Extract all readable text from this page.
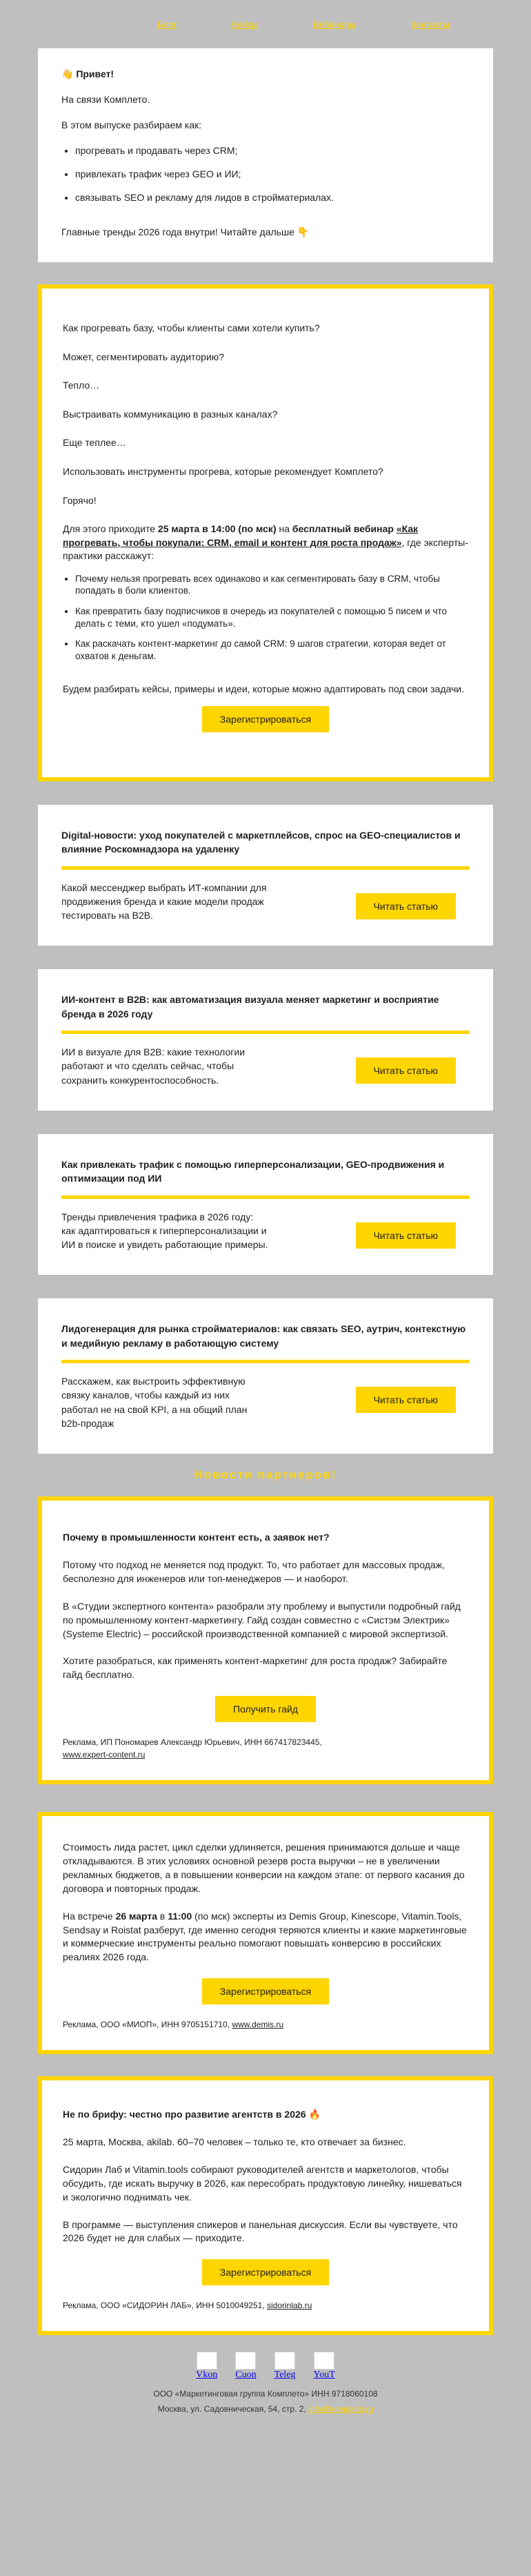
Блог	Кейсы	Вебинары	Контакты

👋 Привет!

На связи Комплето.

В этом выпуске разбираем как:

• прогревать и продавать через CRM;
• привлекать трафик через GEO и ИИ;
• связывать SEO и рекламу для лидов в стройматериалах.

Главные тренды 2026 года внутри! Читайте дальше 👇

Как прогревать базу, чтобы клиенты сами хотели купить?

Может, сегментировать аудиторию?

Тепло…

Выстраивать коммуникацию в разных каналах?

Еще теплее…

Использовать инструменты прогрева, которые рекомендует Комплето?

Горячо!

Для этого приходите 25 марта в 14:00 (по мск) на бесплатный вебинар «Как прогревать, чтобы покупали: CRM, email и контент для роста продаж», где эксперты-практики расскажут:

• Почему нельзя прогревать всех одинаково и как сегментировать базу в CRM, чтобы попадать в боли клиентов.
• Как превратить базу подписчиков в очередь из покупателей с помощью 5 писем и что делать с теми, кто ушел «подумать».
• Как раскачать контент-маркетинг до самой CRM: 9 шагов стратегии, которая ведет от охватов к деньгам.

Будем разбирать кейсы, примеры и идеи, которые можно адаптировать под свои задачи.

Зарегистрироваться
Digital-новости: уход покупателей с маркетплейсов, спрос на GEO-специалистов и влияние Роскомнадзора на удаленку
Какой мессенджер выбрать ИТ-компании для продвижения бренда и какие модели продаж тестировать на B2B.
Читать статью
ИИ-контент в B2B: как автоматизация визуала меняет маркетинг и восприятие бренда в 2026 году
ИИ в визуале для B2B: какие технологии работают и что сделать сейчас, чтобы сохранить конкурентоспособность.
Читать статью
Как привлекать трафик с помощью гиперперсонализации, GEO-продвижения и оптимизации под ИИ
Тренды привлечения трафика в 2026 году: как адаптироваться к гиперперсонализации и ИИ в поиске и увидеть работающие примеры.
Читать статью
Лидогенерация для рынка стройматериалов: как связать SEO, аутрич, контекстную и медийную рекламу в работающую систему
Расскажем, как выстроить эффективную связку каналов, чтобы каждый из них работал не на свой KPI, а на общий план b2b-продаж
Читать статью
Новости партнеров!

Почему в промышленности контент есть, а заявок нет?

Потому что подход не меняется под продукт. То, что работает для массовых продаж, бесполезно для инженеров или топ-менеджеров — и наоборот.

В «Студии экспертного контента» разобрали эту проблему и выпустили подробный гайд по промышленному контент-маркетингу. Гайд создан совместно с «Систэм Электрик» (Systeme Electric) – российской производственной компанией с мировой экспертизой.

Хотите разобраться, как применять контент-маркетинг для роста продаж? Забирайте гайд бесплатно.

Получить гайд

Реклама, ИП Пономарев Александр Юрьевич, ИНН 667417823445,
www.expert-content.ru

Стоимость лида растет, цикл сделки удлиняется, решения принимаются дольше и чаще откладываются. В этих условиях основной резерв роста выручки – не в увеличении рекламных бюджетов, а в повышении конверсии на каждом этапе: от первого касания до договора и повторных продаж.

На встрече 26 марта в 11:00 (по мск) эксперты из Demis Group, Kinescope, Vitamin.Tools, Sendsay и Roistat разберут, где именно сегодня теряются клиенты и какие маркетинговые и коммерческие инструменты реально помогают повышать конверсию в российских реалиях 2026 года.

Зарегистрироваться

Реклама, ООО «МИОП», ИНН 9705151710, www.demis.ru

Не по брифу: честно про развитие агентств в 2026 🔥

25 марта, Москва, akilab. 60–70 человек – только те, кто отвечает за бизнес.

Сидорин Лаб и Vitamin.tools собирают руководителей агентств и маркетологов, чтобы обсудить, где искать выручку в 2026, как пересобрать продуктовую линейку, нишеваться и экологично поднимать чек.

В программе — выступления спикеров и панельная дискуссия. Если вы чувствуете, что 2026 будет не для слабых — приходите.

Зарегистрироваться

Реклама, ООО «СИДОРИН ЛАБ», ИНН 5010049251, sidorinlab.ru

Vkon Cuon Teleg YouT

ООО «Маркетинговая группа Комплето» ИНН 9718060108

Москва, ул. Садовническая, 54, стр. 2, info@kompleto.ru
